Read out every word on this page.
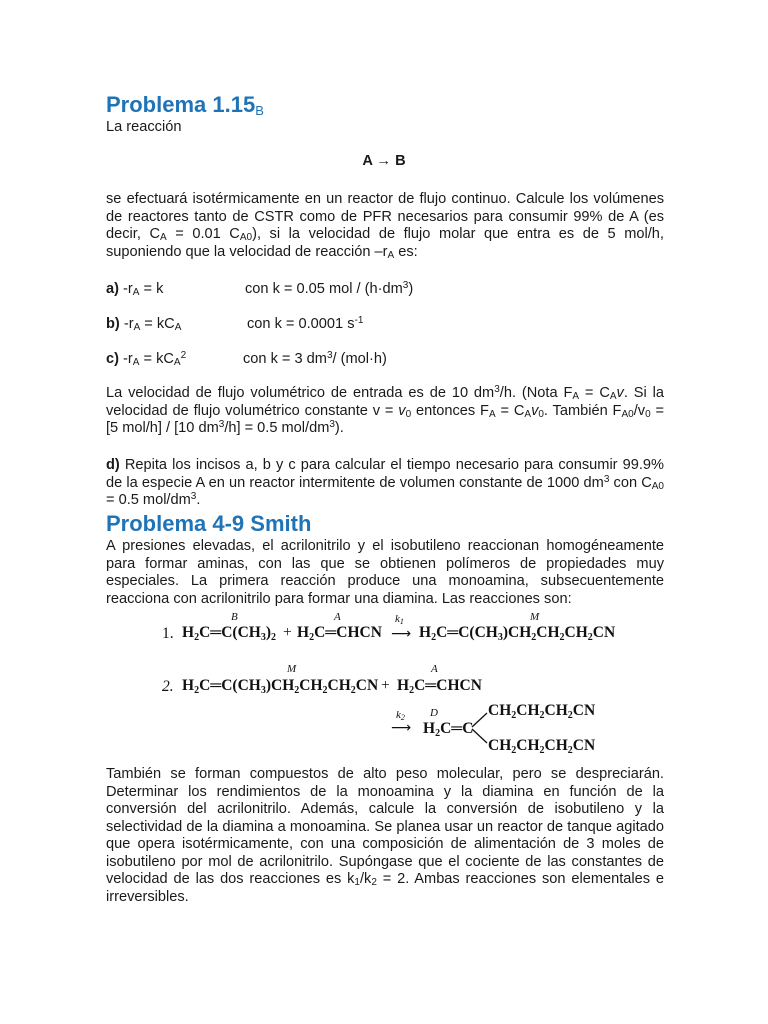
Problema $1.15_B$
La reacción
A → B
se efectuará isotérmicamente en un reactor de flujo continuo. Calcule los volúmenes de reactores tanto de CSTR como de PFR necesarios para consumir 99% de A (es decir, $C_A = 0.01$ $C_{A0}$), si la velocidad de flujo molar que entra es de 5 mol/h, suponiendo que la velocidad de reacción $-r_A$ es:
a) $-r_A = k$	con k = 0.05 mol / $(h\cdot dm^3)$
b) $-r_A = kC_A$	con k = 0.0001 $s^{-1}$
c) $-r_A = kC_A^2$	con k = 3 $dm^3/$ (mol·h)
La velocidad de flujo volumétrico de entrada es de 10 $dm^3/h$. (Nota $F_A = C_Av$. Si la velocidad de flujo volumétrico constante $v = v_0$ entonces $F_A = C_Av_0$. También $F_{A0}/v_0 = [5$ mol/h] / [10 $dm^3/h] = 0.5$ mol/$dm^3$).
d) Repita los incisos a, b y c para calcular el tiempo necesario para consumir 99.9% de la especie A en un reactor intermitente de volumen constante de 1000 $dm^3$ con $C_{A0} = 0.5$ mol/$dm^3$.
Problema 4-9 Smith
A presiones elevadas, el acrilonitrilo y el isobutileno reaccionan homogéneamente para formar aminas, con las que se obtienen polímeros de propiedades muy especiales. La primera reacción produce una monoamina, subsecuentemente reacciona con acrilonitrilo para formar una diamina. Las reacciones son:
1.
B	A	$k_1$	M
$H_2C═C(CH_3)_2$ + $H_2C═CHCN$ ⟶ $H_2C═C(CH_3)CH_2CH_2CH_2CN$
2.
M	A
$H_2C═C(CH_3)CH_2CH_2CH_2CN$ + $H_2C═CHCN$
$k_2$ D
⟶ $H_2C═C$
$CH_2CH_2CH_2CN$
$CH_2CH_2CH_2CN$
También se forman compuestos de alto peso molecular, pero se despreciarán. Determinar los rendimientos de la monoamina y la diamina en función de la conversión del acrilonitrilo. Además, calcule la conversión de isobutileno y la selectividad de la diamina a monoamina. Se planea usar un reactor de tanque agitado que opera isotérmicamente, con una composición de alimentación de 3 moles de isobutileno por mol de acrilonitrilo. Supóngase que el cociente de las constantes de velocidad de las dos reacciones es $k_1/k_2 = 2$. Ambas reacciones son elementales e irreversibles.
